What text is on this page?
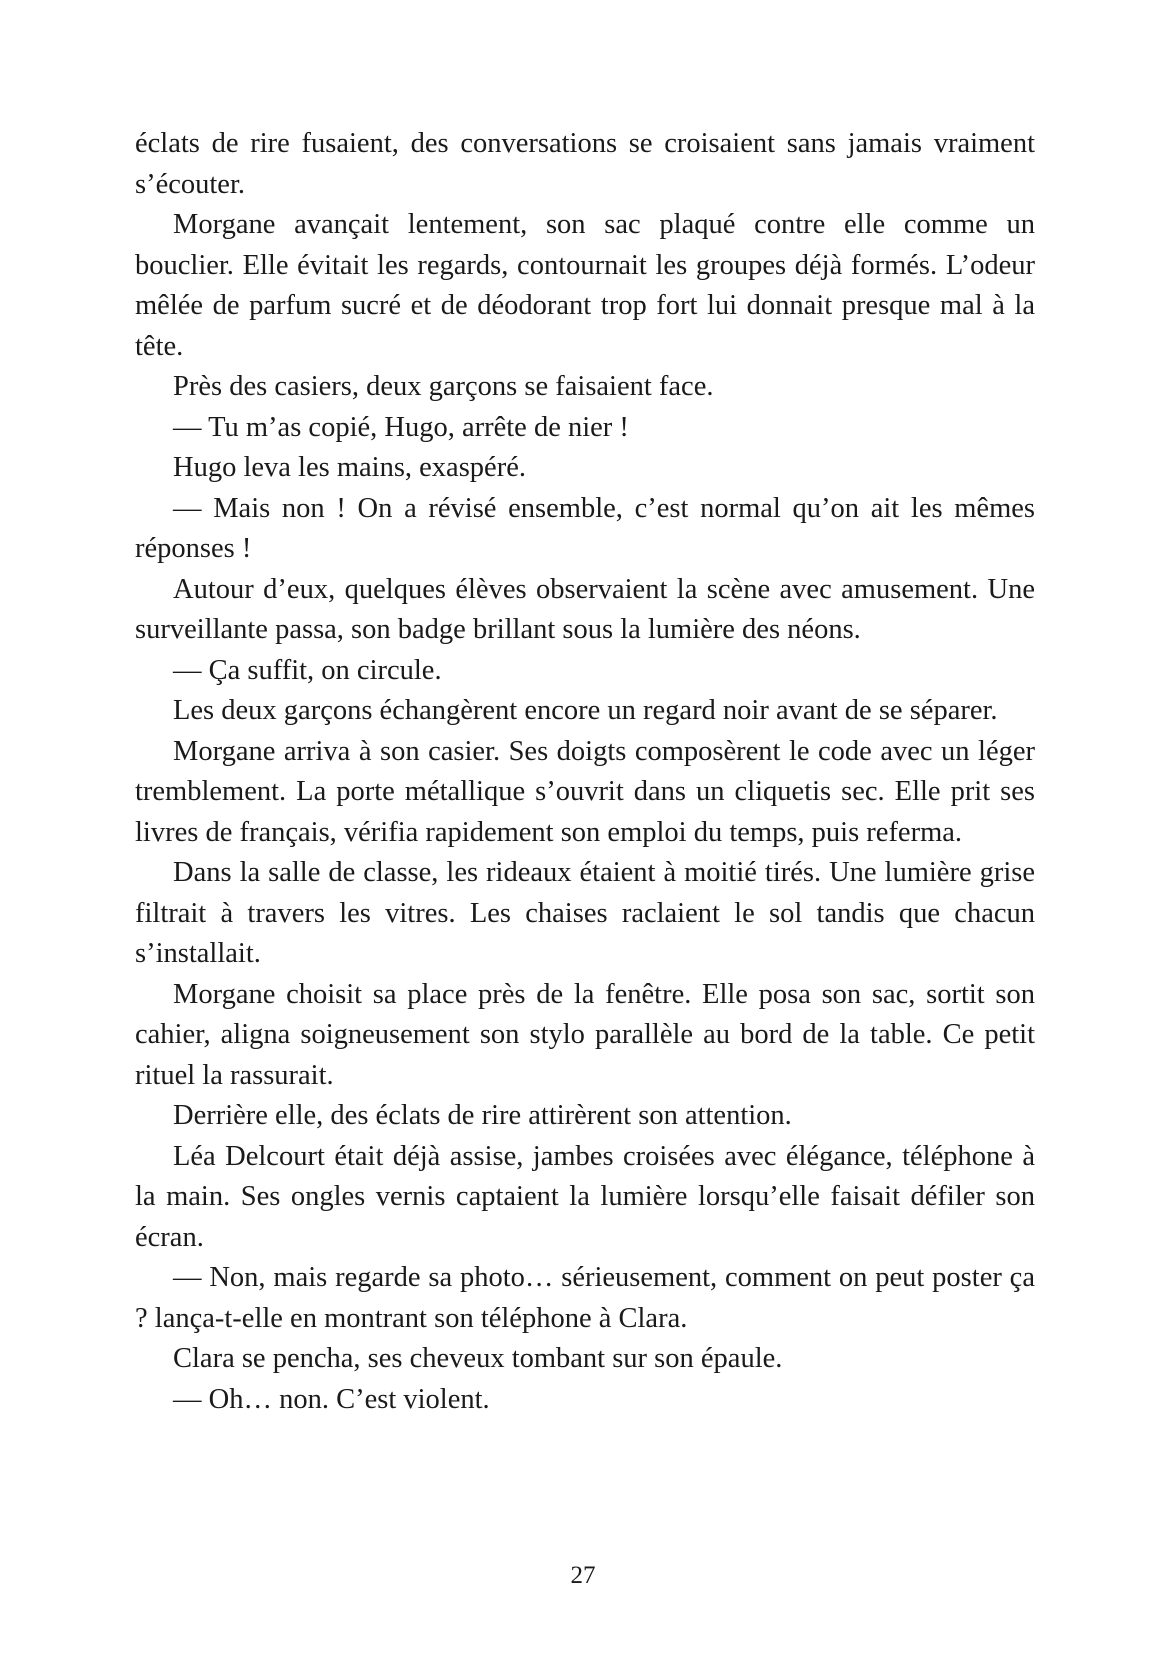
éclats de rire fusaient, des conversations se croisaient sans jamais vraiment s’écouter.

Morgane avançait lentement, son sac plaqué contre elle comme un bouclier. Elle évitait les regards, contournait les groupes déjà formés. L’odeur mêlée de parfum sucré et de déodorant trop fort lui donnait presque mal à la tête.

Près des casiers, deux garçons se faisaient face.

— Tu m’as copié, Hugo, arrête de nier !

Hugo leva les mains, exaspéré.

— Mais non ! On a révisé ensemble, c’est normal qu’on ait les mêmes réponses !

Autour d’eux, quelques élèves observaient la scène avec amusement. Une surveillante passa, son badge brillant sous la lumière des néons.

— Ça suffit, on circule.

Les deux garçons échangèrent encore un regard noir avant de se séparer.

Morgane arriva à son casier. Ses doigts composèrent le code avec un léger tremblement. La porte métallique s’ouvrit dans un cliquetis sec. Elle prit ses livres de français, vérifia rapidement son emploi du temps, puis referma.

Dans la salle de classe, les rideaux étaient à moitié tirés. Une lumière grise filtrait à travers les vitres. Les chaises raclaient le sol tandis que chacun s’installait.

Morgane choisit sa place près de la fenêtre. Elle posa son sac, sortit son cahier, aligna soigneusement son stylo parallèle au bord de la table. Ce petit rituel la rassurait.

Derrière elle, des éclats de rire attirèrent son attention.

Léa Delcourt était déjà assise, jambes croisées avec élégance, téléphone à la main. Ses ongles vernis captaient la lumière lorsqu’elle faisait défiler son écran.

— Non, mais regarde sa photo… sérieusement, comment on peut poster ça ? lança-t-elle en montrant son téléphone à Clara.

Clara se pencha, ses cheveux tombant sur son épaule.

— Oh… non. C’est violent.

27
